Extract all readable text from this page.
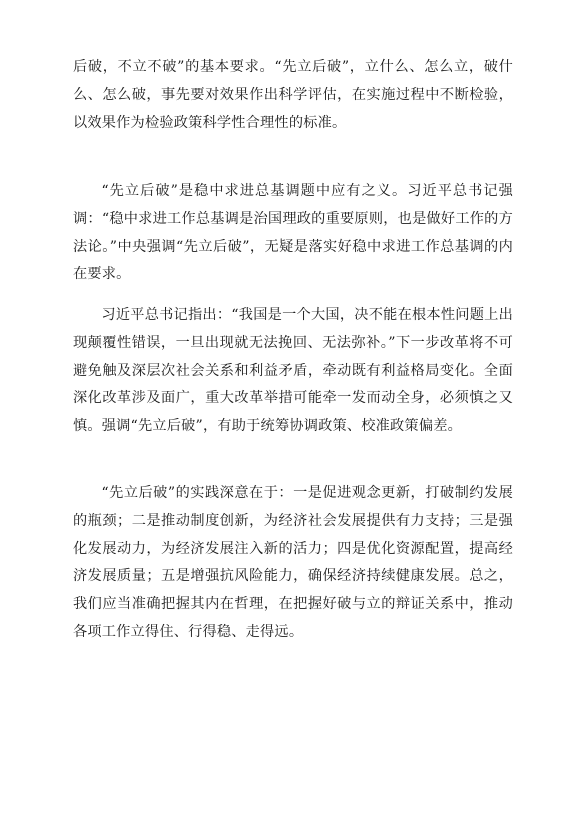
后破，不立不破”的基本要求。“先立后破”，立什么、怎么立，破什么、怎么破，事先要对效果作出科学评估，在实施过程中不断检验，以效果作为检验政策科学性合理性的标准。

“先立后破”是稳中求进总基调题中应有之义。习近平总书记强调：“稳中求进工作总基调是治国理政的重要原则，也是做好工作的方法论。”中央强调“先立后破”，无疑是落实好稳中求进工作总基调的内在要求。

习近平总书记指出：“我国是一个大国，决不能在根本性问题上出现颠覆性错误，一旦出现就无法挽回、无法弥补。”下一步改革将不可避免触及深层次社会关系和利益矛盾，牵动既有利益格局变化。全面深化改革涉及面广，重大改革举措可能牵一发而动全身，必须慎之又慎。强调“先立后破”，有助于统筹协调政策、校准政策偏差。

“先立后破”的实践深意在于：一是促进观念更新，打破制约发展的瓶颈；二是推动制度创新，为经济社会发展提供有力支持；三是强化发展动力，为经济发展注入新的活力；四是优化资源配置，提高经济发展质量；五是增强抗风险能力，确保经济持续健康发展。总之，我们应当准确把握其内在哲理，在把握好破与立的辩证关系中，推动各项工作立得住、行得稳、走得远。
